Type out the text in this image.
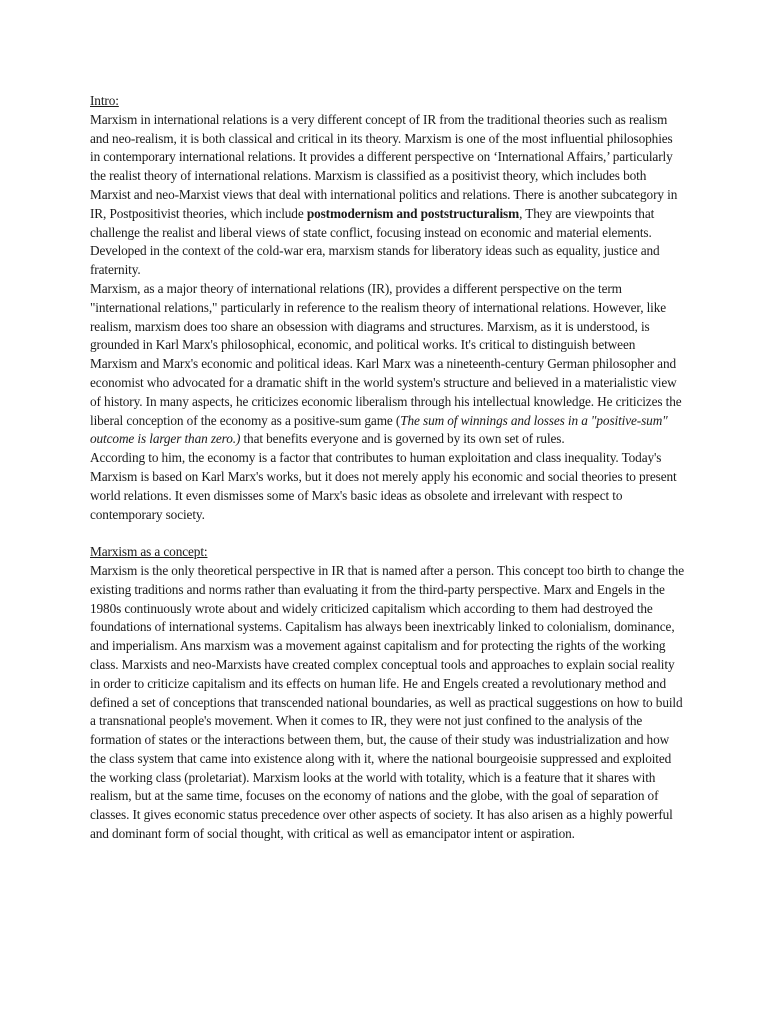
Intro:

Marxism in international relations is a very different concept of IR from the traditional theories such as realism and neo-realism, it is both classical and critical in its theory. Marxism is one of the most influential philosophies in contemporary international relations. It provides a different perspective on ‘International Affairs,’ particularly the realist theory of international relations. Marxism is classified as a positivist theory, which includes both Marxist and neo-Marxist views that deal with international politics and relations. There is another subcategory in IR, Postpositivist theories, which include postmodernism and poststructuralism, They are viewpoints that challenge the realist and liberal views of state conflict, focusing instead on economic and material elements.

Developed in the context of the cold-war era, marxism stands for liberatory ideas such as equality, justice and fraternity.

Marxism, as a major theory of international relations (IR), provides a different perspective on the term "international relations," particularly in reference to the realism theory of international relations. However, like realism, marxism does too share an obsession with diagrams and structures. Marxism, as it is understood, is grounded in Karl Marx's philosophical, economic, and political works. It's critical to distinguish between Marxism and Marx's economic and political ideas. Karl Marx was a nineteenth-century German philosopher and economist who advocated for a dramatic shift in the world system's structure and believed in a materialistic view of history. In many aspects, he criticizes economic liberalism through his intellectual knowledge. He criticizes the liberal conception of the economy as a positive-sum game (The sum of winnings and losses in a "positive-sum" outcome is larger than zero.) that benefits everyone and is governed by its own set of rules.

According to him, the economy is a factor that contributes to human exploitation and class inequality. Today's Marxism is based on Karl Marx's works, but it does not merely apply his economic and social theories to present world relations. It even dismisses some of Marx's basic ideas as obsolete and irrelevant with respect to contemporary society.

Marxism as a concept:

Marxism is the only theoretical perspective in IR that is named after a person. This concept too birth to change the existing traditions and norms rather than evaluating it from the third-party perspective. Marx and Engels in the 1980s continuously wrote about and widely criticized capitalism which according to them had destroyed the foundations of international systems. Capitalism has always been inextricably linked to colonialism, dominance, and imperialism. Ans marxism was a movement against capitalism and for protecting the rights of the working class. Marxists and neo-Marxists have created complex conceptual tools and approaches to explain social reality in order to criticize capitalism and its effects on human life. He and Engels created a revolutionary method and defined a set of conceptions that transcended national boundaries, as well as practical suggestions on how to build a transnational people's movement. When it comes to IR, they were not just confined to the analysis of the formation of states or the interactions between them, but, the cause of their study was industrialization and how the class system that came into existence along with it, where the national bourgeoisie suppressed and exploited the working class (proletariat). Marxism looks at the world with totality, which is a feature that it shares with realism, but at the same time, focuses on the economy of nations and the globe, with the goal of separation of classes. It gives economic status precedence over other aspects of society. It has also arisen as a highly powerful and dominant form of social thought, with critical as well as emancipator intent or aspiration.
